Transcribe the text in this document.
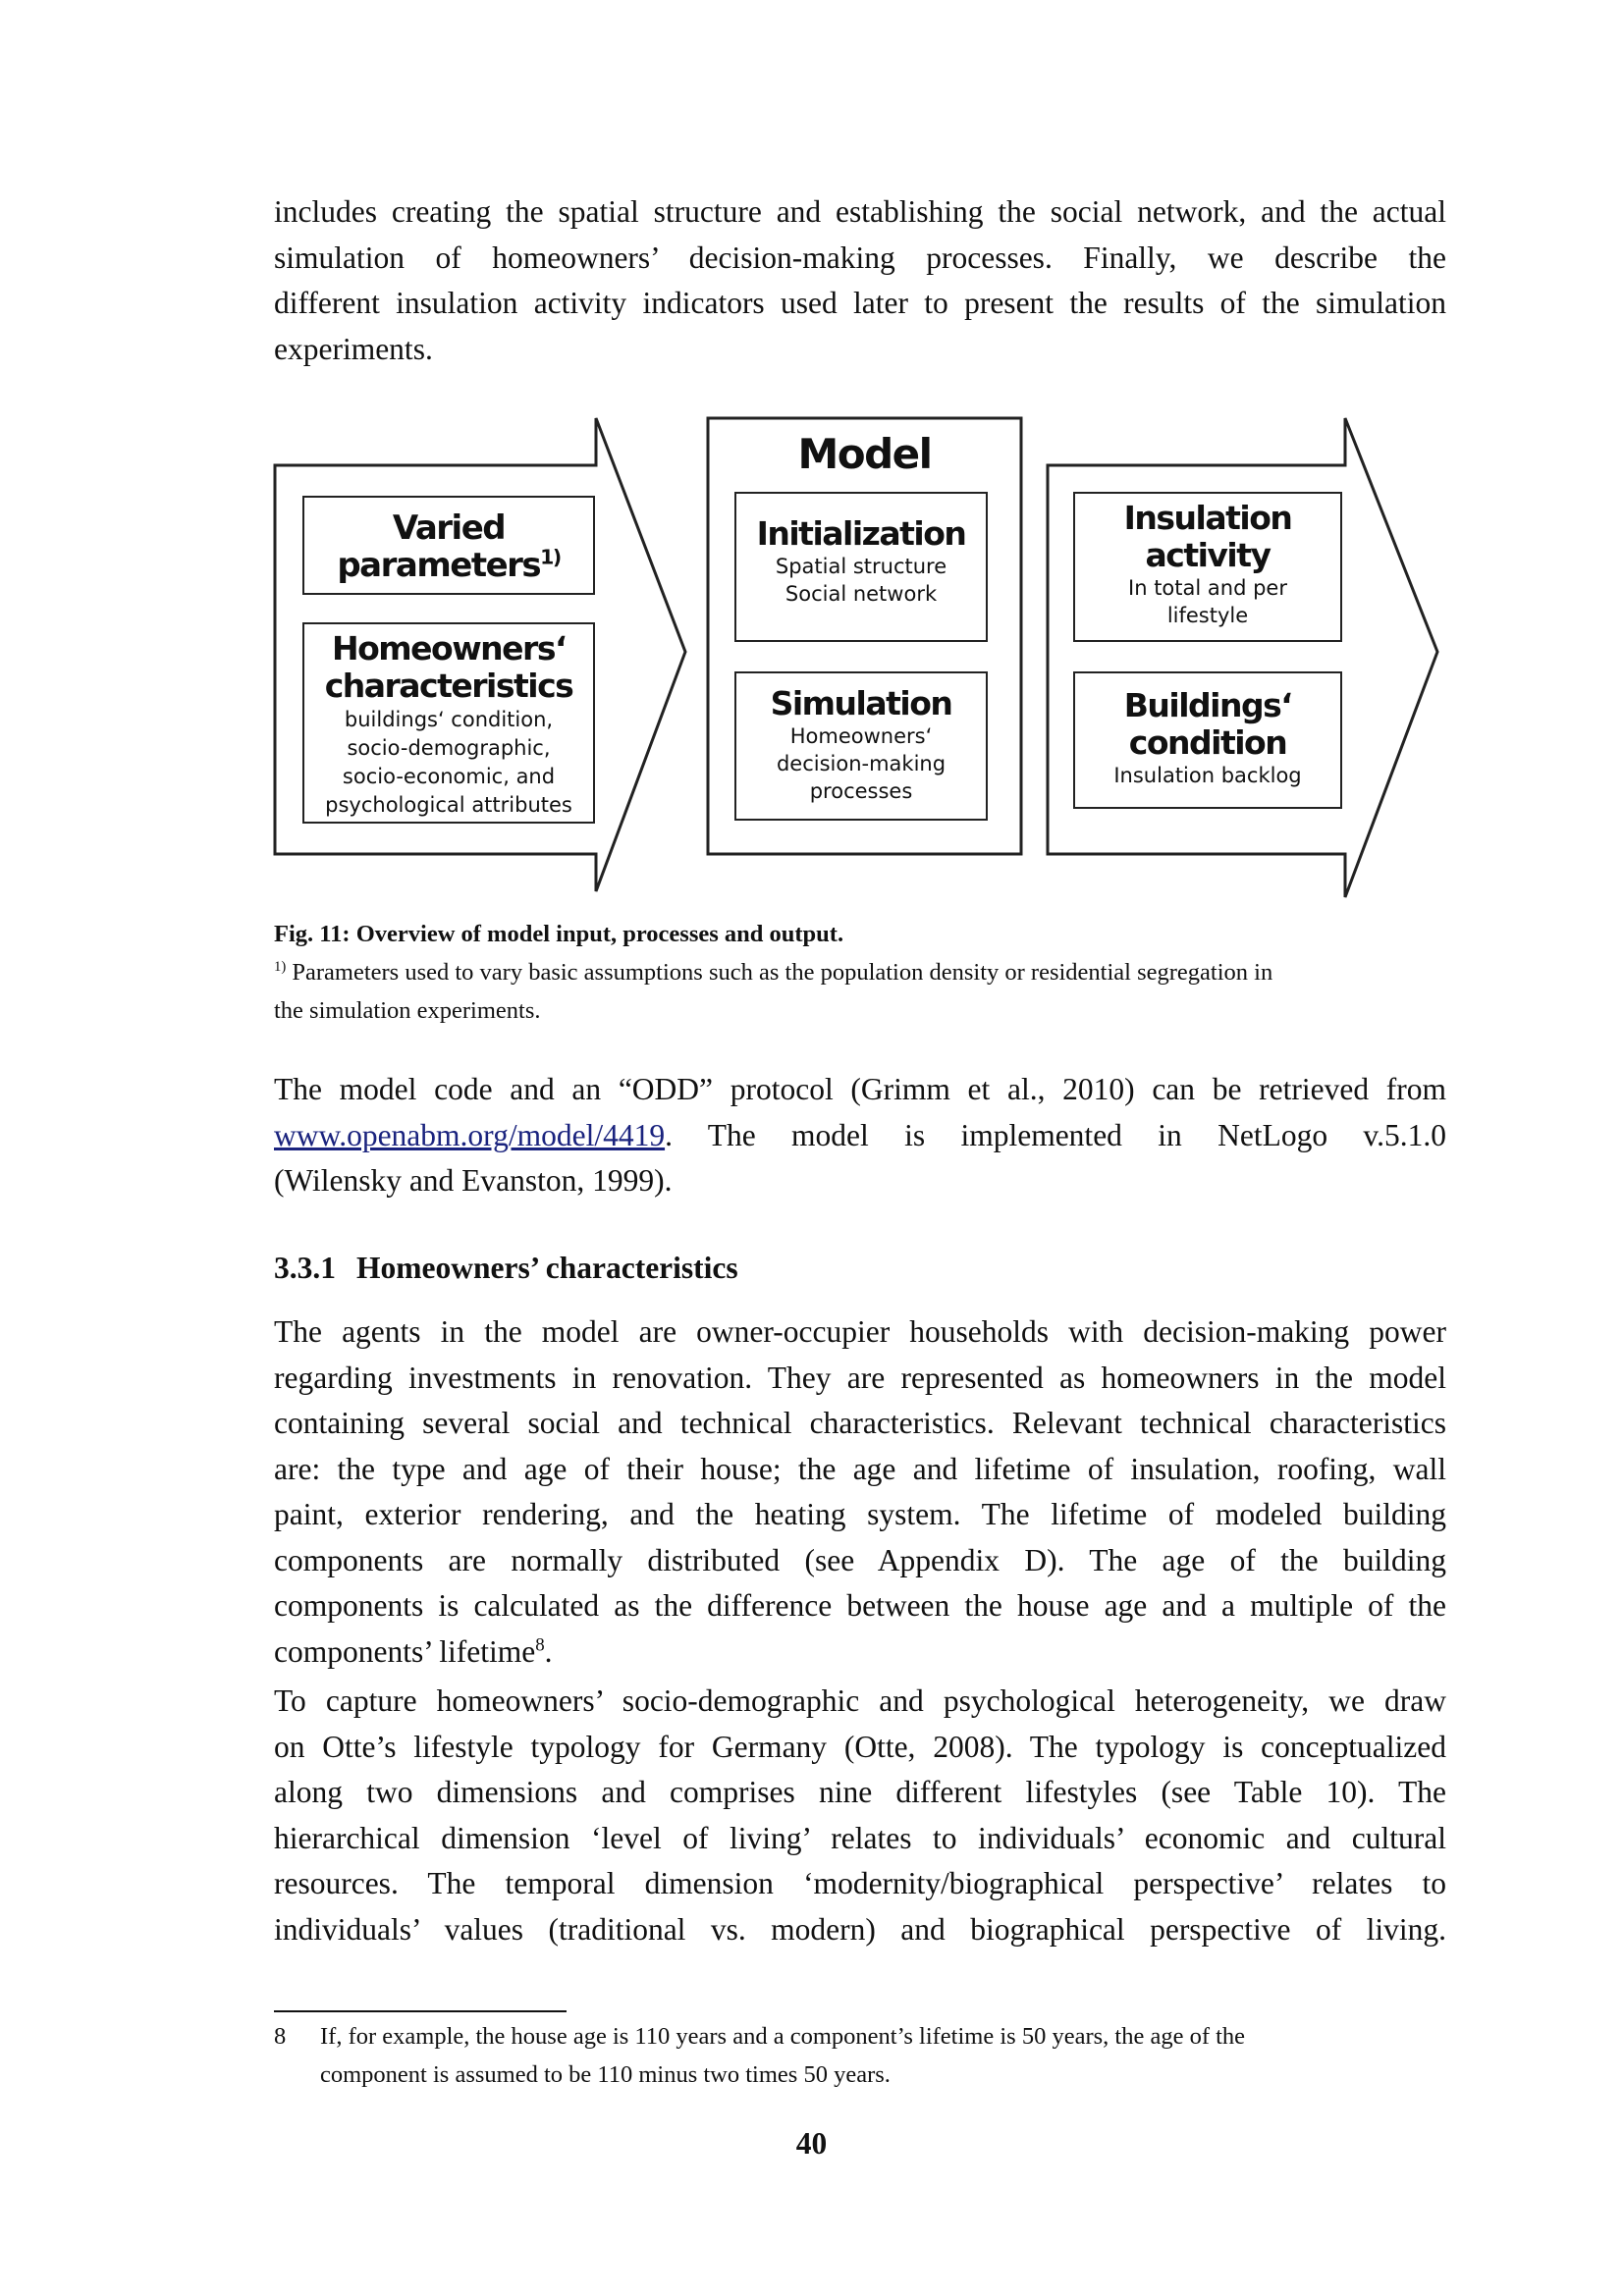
includes creating the spatial structure and establishing the social network, and the actual
simulation of homeowners’ decision-making processes. Finally, we describe the
different insulation activity indicators used later to present the results of the simulation
experiments.
Varied
parameters$^{1)}$
Homeowners‘
characteristics
buildings‘ condition,
socio-demographic,
socio-economic, and
psychological attributes
Model
Initialization
Spatial structure
Social network
Simulation
Homeowners‘
decision-making
processes
Insulation
activity
In total and per
lifestyle
Buildings‘
condition
Insulation backlog
Fig. 11: Overview of model input, processes and output.
$^{1)}$ Parameters used to vary basic assumptions such as the population density or residential segregation in
the simulation experiments.
The model code and an “ODD” protocol (Grimm et al., 2010) can be retrieved from
www.openabm.org/model/4419. The model is implemented in NetLogo v.5.1.0
(Wilensky and Evanston, 1999).
3.3.1 Homeowners’ characteristics
The agents in the model are owner-occupier households with decision-making power
regarding investments in renovation. They are represented as homeowners in the model
containing several social and technical characteristics. Relevant technical characteristics
are: the type and age of their house; the age and lifetime of insulation, roofing, wall
paint, exterior rendering, and the heating system. The lifetime of modeled building
components are normally distributed (see Appendix D). The age of the building
components is calculated as the difference between the house age and a multiple of the
components’ lifetime$^8$.
To capture homeowners’ socio-demographic and psychological heterogeneity, we draw
on Otte’s lifestyle typology for Germany (Otte, 2008). The typology is conceptualized
along two dimensions and comprises nine different lifestyles (see Table 10). The
hierarchical dimension ‘level of living’ relates to individuals’ economic and cultural
resources. The temporal dimension ‘modernity/biographical perspective’ relates to
individuals’ values (traditional vs. modern) and biographical perspective of living.
8 If, for example, the house age is 110 years and a component’s lifetime is 50 years, the age of the
component is assumed to be 110 minus two times 50 years.
40
